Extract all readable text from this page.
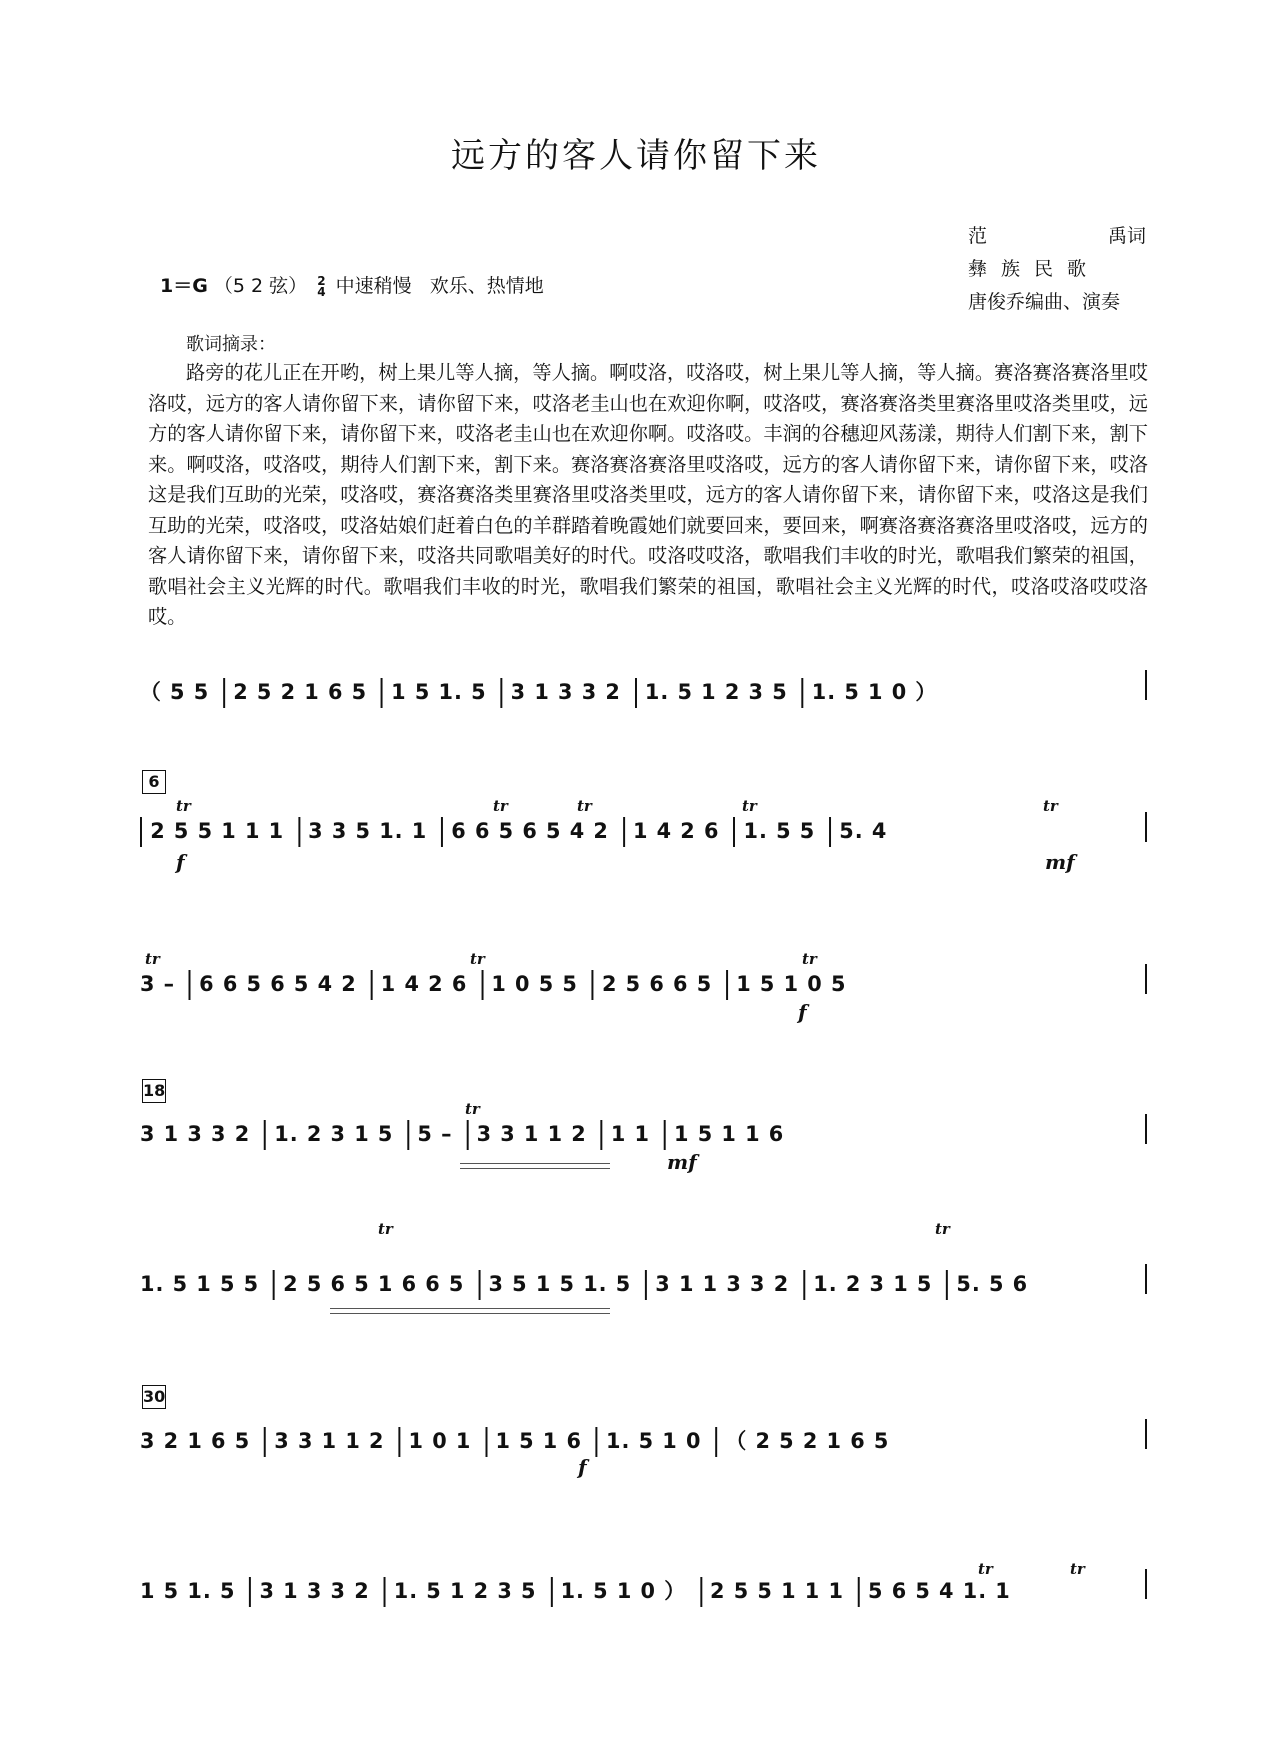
远方的客人请你留下来
范	禹词
彝族民歌
唐俊乔编曲、演奏
1＝G （5 2 弦） 2
4 中速稍慢 欢乐、热情地
歌词摘录：
路旁的花儿正在开哟，树上果儿等人摘，等人摘。啊哎洛，哎洛哎，树上果儿等人摘，等人摘。赛洛赛洛赛洛里哎洛哎，远方的客人请你留下来，请你留下来，哎洛老圭山也在欢迎你啊，哎洛哎，赛洛赛洛类里赛洛里哎洛类里哎，远方的客人请你留下来，请你留下来，哎洛老圭山也在欢迎你啊。哎洛哎。丰润的谷穗迎风荡漾，期待人们割下来，割下来。啊哎洛，哎洛哎，期待人们割下来，割下来。赛洛赛洛赛洛里哎洛哎，远方的客人请你留下来，请你留下来，哎洛这是我们互助的光荣，哎洛哎，赛洛赛洛类里赛洛里哎洛类里哎，远方的客人请你留下来，请你留下来，哎洛这是我们互助的光荣，哎洛哎，哎洛姑娘们赶着白色的羊群踏着晚霞她们就要回来，要回来，啊赛洛赛洛赛洛里哎洛哎，远方的客人请你留下来，请你留下来，哎洛共同歌唱美好的时代。哎洛哎哎洛，歌唱我们丰收的时光，歌唱我们繁荣的祖国，歌唱社会主义光辉的时代。歌唱我们丰收的时光，歌唱我们繁荣的祖国，歌唱社会主义光辉的时代，哎洛哎洛哎哎洛哎。
6
18
30
tr	tr	tr	tr	tr
tr	tr	tr
tr
tr	tr
tr	tr
（ 5 5 2 5 2 1 6 5 1 5 1. 5 3 1 3 3 2 1. 5 1 2 3 5 1. 5 1 0 ）
2 5 5 1 1 1 3 3 5 1. 1 6 6 5 6 5 4 2 1 4 2 6 1. 5 5 5. 4
f	mf
3 – 6 6 5 6 5 4 2 1 4 2 6 1 0 5 5 2 5 6 6 5 1 5 1 0 5
f
3 1 3 3 2 1. 2 3 1 5 5 – 3 3 1 1 2 1 1 1 5 1 1 6
mf
1. 5 1 5 5 2 5 6 5 1 6 6 5 3 5 1 5 1. 5 3 1 1 3 3 2 1. 2 3 1 5 5. 5 6
3 2 1 6 5 3 3 1 1 2 1 0 1 1 5 1 6 1. 5 1 0 （ 2 5 2 1 6 5
f
1 5 1. 5 3 1 3 3 2 1. 5 1 2 3 5 1. 5 1 0 ） 2 5 5 1 1 1 5 6 5 4 1. 1
